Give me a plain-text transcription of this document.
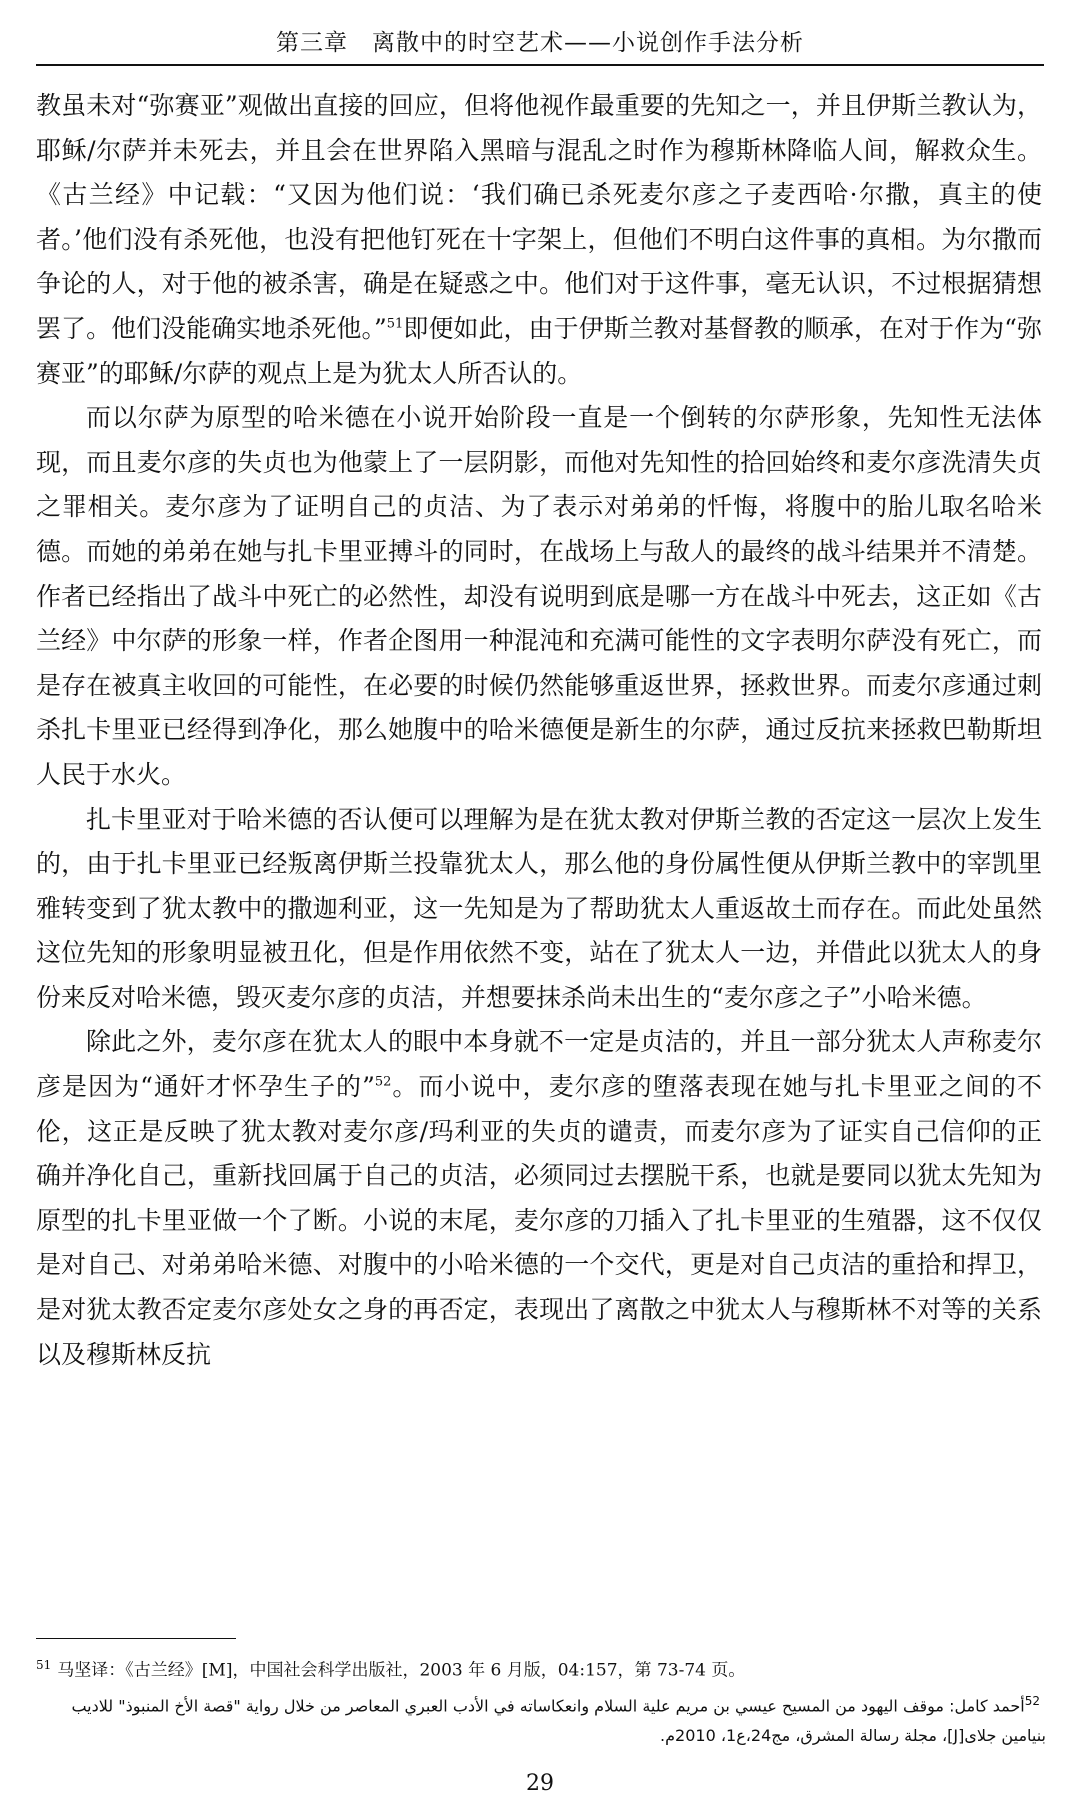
第三章　离散中的时空艺术——小说创作手法分析

教虽未对“弥赛亚”观做出直接的回应，但将他视作最重要的先知之一，并且伊斯兰教认为，耶稣/尔萨并未死去，并且会在世界陷入黑暗与混乱之时作为穆斯林降临人间，解救众生。《古兰经》中记载：“又因为他们说：‘我们确已杀死麦尔彦之子麦西哈·尔撒，真主的使者。’他们没有杀死他，也没有把他钉死在十字架上，但他们不明白这件事的真相。为尔撒而争论的人，对于他的被杀害，确是在疑惑之中。他们对于这件事，毫无认识，不过根据猜想罢了。他们没能确实地杀死他。”$^{51}$即便如此，由于伊斯兰教对基督教的顺承，在对于作为“弥赛亚”的耶稣/尔萨的观点上是为犹太人所否认的。

而以尔萨为原型的哈米德在小说开始阶段一直是一个倒转的尔萨形象，先知性无法体现，而且麦尔彦的失贞也为他蒙上了一层阴影，而他对先知性的拾回始终和麦尔彦洗清失贞之罪相关。麦尔彦为了证明自己的贞洁、为了表示对弟弟的忏悔，将腹中的胎儿取名哈米德。而她的弟弟在她与扎卡里亚搏斗的同时，在战场上与敌人的最终的战斗结果并不清楚。作者已经指出了战斗中死亡的必然性，却没有说明到底是哪一方在战斗中死去，这正如《古兰经》中尔萨的形象一样，作者企图用一种混沌和充满可能性的文字表明尔萨没有死亡，而是存在被真主收回的可能性，在必要的时候仍然能够重返世界，拯救世界。而麦尔彦通过刺杀扎卡里亚已经得到净化，那么她腹中的哈米德便是新生的尔萨，通过反抗来拯救巴勒斯坦人民于水火。

扎卡里亚对于哈米德的否认便可以理解为是在犹太教对伊斯兰教的否定这一层次上发生的，由于扎卡里亚已经叛离伊斯兰投靠犹太人，那么他的身份属性便从伊斯兰教中的宰凯里雅转变到了犹太教中的撒迦利亚，这一先知是为了帮助犹太人重返故土而存在。而此处虽然这位先知的形象明显被丑化，但是作用依然不变，站在了犹太人一边，并借此以犹太人的身份来反对哈米德，毁灭麦尔彦的贞洁，并想要抹杀尚未出生的“麦尔彦之子”小哈米德。

除此之外，麦尔彦在犹太人的眼中本身就不一定是贞洁的，并且一部分犹太人声称麦尔彦是因为“通奸才怀孕生子的”$^{52}$。而小说中，麦尔彦的堕落表现在她与扎卡里亚之间的不伦，这正是反映了犹太教对麦尔彦/玛利亚的失贞的谴责，而麦尔彦为了证实自己信仰的正确并净化自己，重新找回属于自己的贞洁，必须同过去摆脱干系，也就是要同以犹太先知为原型的扎卡里亚做一个了断。小说的末尾，麦尔彦的刀插入了扎卡里亚的生殖器，这不仅仅是对自己、对弟弟哈米德、对腹中的小哈米德的一个交代，更是对自己贞洁的重拾和捍卫，是对犹太教否定麦尔彦处女之身的再否定，表现出了离散之中犹太人与穆斯林不对等的关系以及穆斯林反抗

$^{51}$ 马坚译：《古兰经》[M]，中国社会科学出版社，2003 年 6 月版，04:157，第 73-74 页。

$^{52}$أحمد كامل: موقف اليهود من المسيح عيسي بن مريم علية السلام وانعكاساته في الأدب العبري المعاصر من خلال رواية "قصة الأخ المنبوذ" للاديب بنيامين جلاى[J]، مجلة رسالة المشرق، مج24،ع1، 2010م.

29
